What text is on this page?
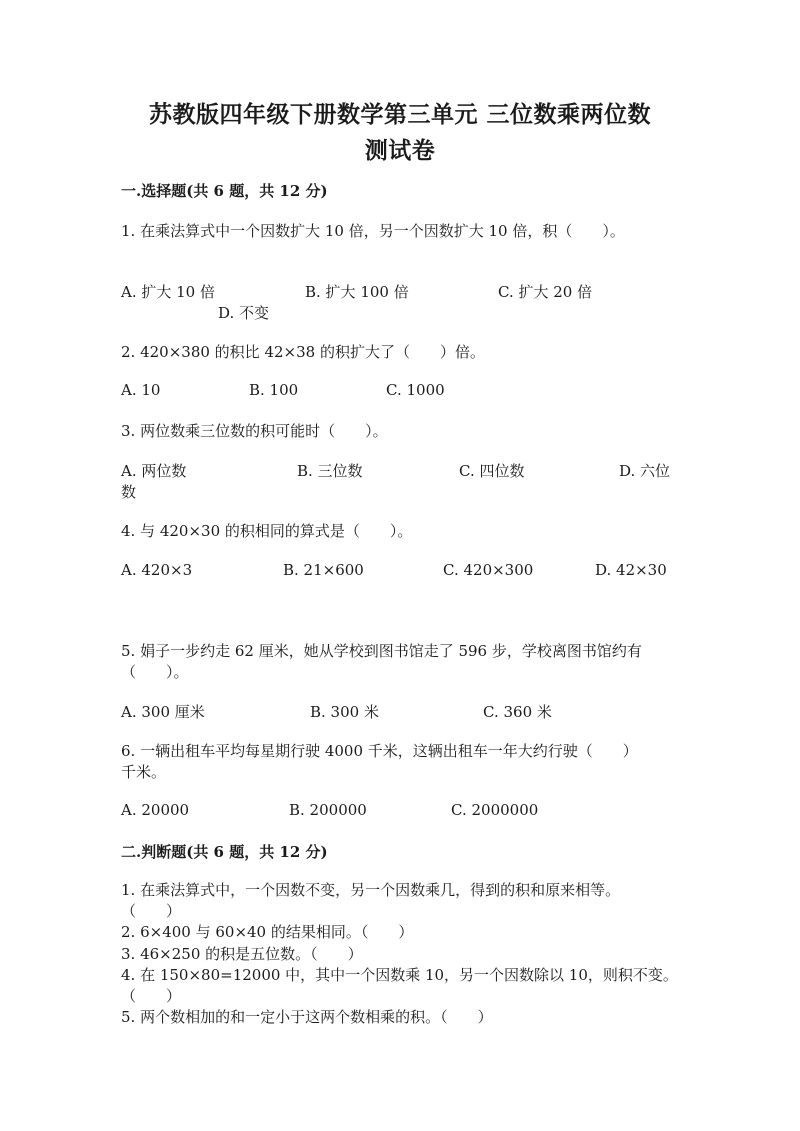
苏教版四年级下册数学第三单元 三位数乘两位数
测试卷
一.选择题(共 6 题，共 12 分)
1. 在乘法算式中一个因数扩大 10 倍，另一个因数扩大 10 倍，积（　　）。
A. 扩大 10 倍	B. 扩大 100 倍	C. 扩大 20 倍
D. 不变
2. 420×380 的积比 42×38 的积扩大了（　　）倍。
A. 10	B. 100	C. 1000
3. 两位数乘三位数的积可能时（　　）。
A. 两位数	B. 三位数	C. 四位数	D. 六位
数
4. 与 420×30 的积相同的算式是（　　）。
A. 420×3	B. 21×600	C. 420×300	D. 42×30
5. 娟子一步约走 62 厘米，她从学校到图书馆走了 596 步，学校离图书馆约有
（　　）。
A. 300 厘米	B. 300 米	C. 360 米
6. 一辆出租车平均每星期行驶 4000 千米，这辆出租车一年大约行驶（　　）
千米。
A. 20000	B. 200000	C. 2000000
二.判断题(共 6 题，共 12 分)
1. 在乘法算式中，一个因数不变，另一个因数乘几，得到的积和原来相等。
（　　）
2. 6×400 与 60×40 的结果相同。（　　）
3. 46×250 的积是五位数。（　　）
4. 在 150×80=12000 中，其中一个因数乘 10，另一个因数除以 10，则积不变。
（　　）
5. 两个数相加的和一定小于这两个数相乘的积。（　　）
